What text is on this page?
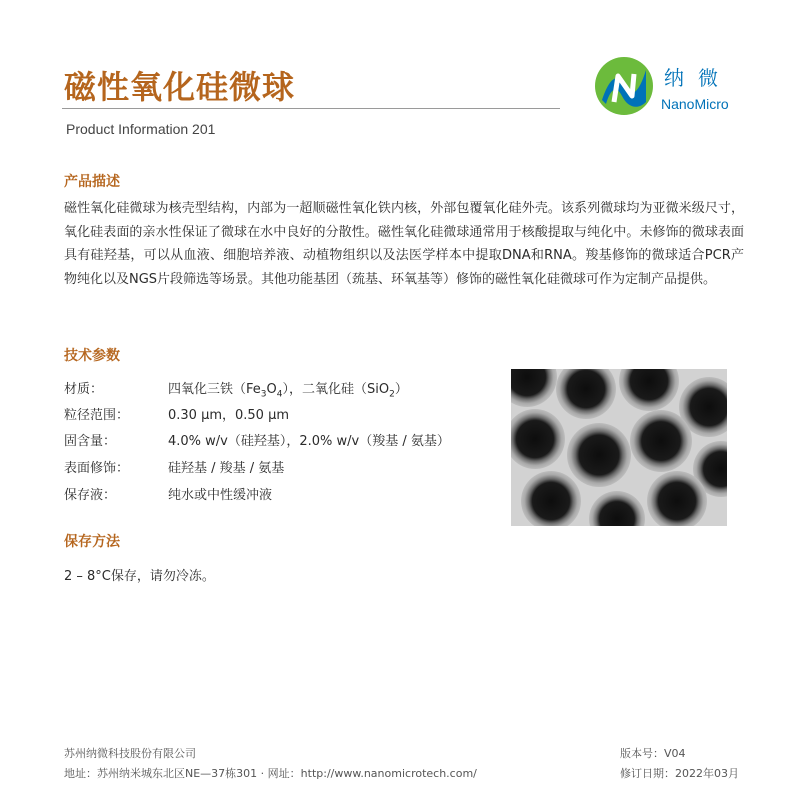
磁性氧化硅微球
Product Information 201
纳微
NanoMicro
产品描述
磁性氧化硅微球为核壳型结构，内部为一超顺磁性氧化铁内核，外部包覆氧化硅外壳。该系列微球均为亚微米级尺寸，氧化硅表面的亲水性保证了微球在水中良好的分散性。磁性氧化硅微球通常用于核酸提取与纯化中。未修饰的微球表面具有硅羟基，可以从血液、细胞培养液、动植物组织以及法医学样本中提取DNA和RNA。羧基修饰的微球适合PCR产物纯化以及NGS片段筛选等场景。其他功能基团（巯基、环氧基等）修饰的磁性氧化硅微球可作为定制产品提供。
技术参数
材质：	四氧化三铁$(Fe_3O_4)$，二氧化硅（SiO$_2$）
粒径范围：	0.30 μm，0.50 μm
固含量：	4.0% w/v（硅羟基），2.0% w/v（羧基 / 氨基）
表面修饰：	硅羟基 / 羧基 / 氨基
保存液：	纯水或中性缓冲液
保存方法
2 – 8°C保存，请勿冷冻。
苏州纳微科技股份有限公司
地址：苏州纳米城东北区NE—37栋301 · 网址：http://www.nanomicrotech.com/
版本号：V04
修订日期：2022年03月
